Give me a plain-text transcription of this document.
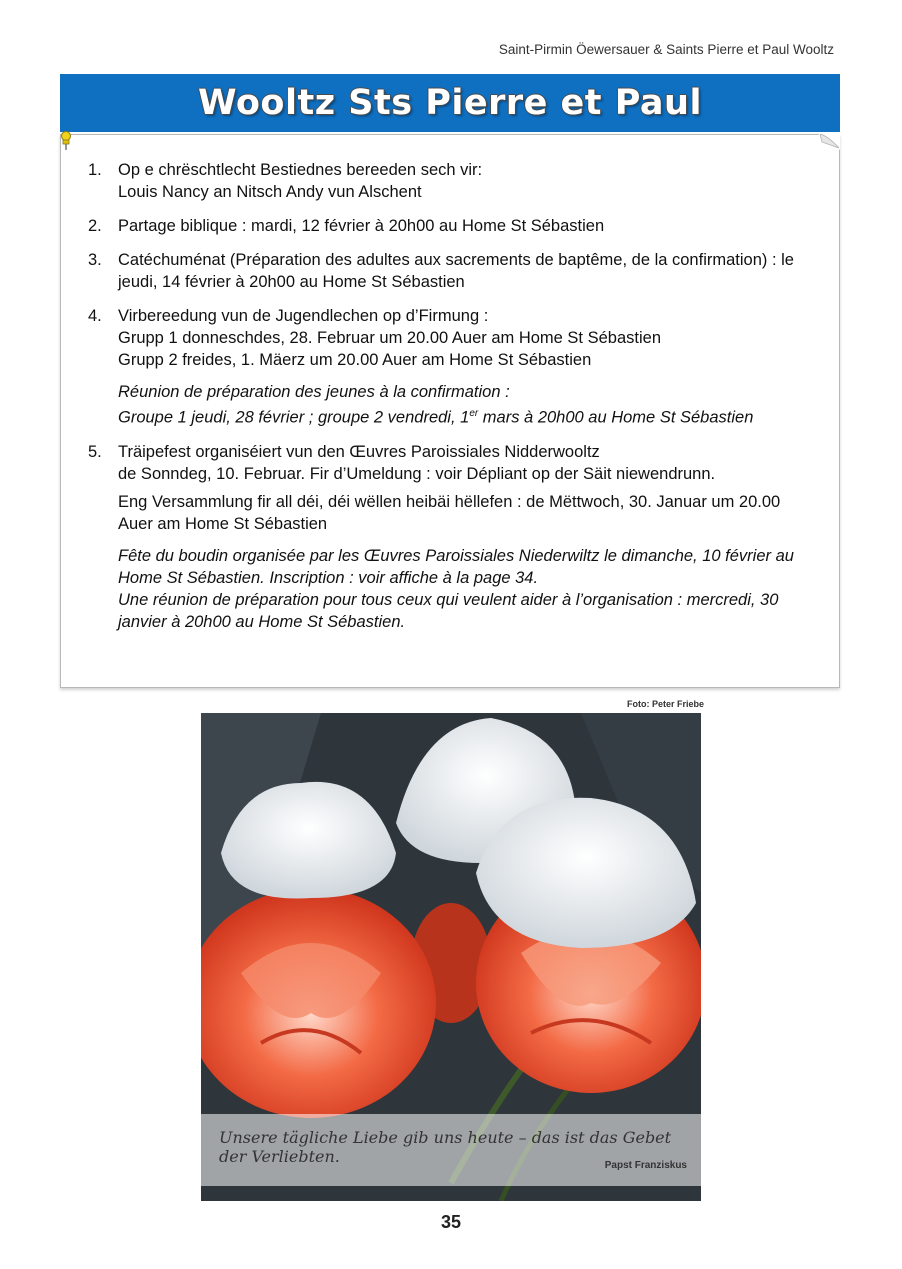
Saint-Pirmin Öewersauer & Saints Pierre et Paul Wooltz
Wooltz Sts Pierre et Paul
1. Op e chrëschtlecht Bestiednes bereeden sech vir:
Louis Nancy an Nitsch Andy vun Alschent
2. Partage biblique : mardi, 12 février à 20h00 au Home St Sébastien
3. Catéchuménat (Préparation des adultes aux sacrements de baptême, de la confirmation) : le jeudi, 14 février à 20h00 au Home St Sébastien
4. Virbereedung vun de Jugendlechen op d’Firmung :
Grupp 1 donneschdes, 28. Februar um 20.00 Auer am Home St Sébastien
Grupp 2 freides, 1. Mäerz um 20.00 Auer am Home St Sébastien
Réunion de préparation des jeunes à la confirmation :
Groupe 1 jeudi, 28 février ; groupe 2 vendredi, 1er mars à 20h00 au Home St Sébastien
5. Träipefest organiséiert vun den Œuvres Paroissiales Nidderwooltz
de Sonndeg, 10. Februar. Fir d’Umeldung : voir Dépliant op der Säit niewendrunn.
Eng Versammlung fir all déi, déi wëllen heibäi hëllefen : de Mëttwoch, 30. Januar um 20.00 Auer am Home St Sébastien
Fête du boudin organisée par les Œuvres Paroissiales Niederwiltz le dimanche, 10 février au Home St Sébastien. Inscription : voir affiche à la page 34.
Une réunion de préparation pour tous ceux qui veulent aider à l’organisation : mercredi, 30 janvier à 20h00 au Home St Sébastien.
Foto: Peter Friebe
Unsere tägliche Liebe gib uns heute – das ist das Gebet der Verliebten.	Papst Franziskus
35
